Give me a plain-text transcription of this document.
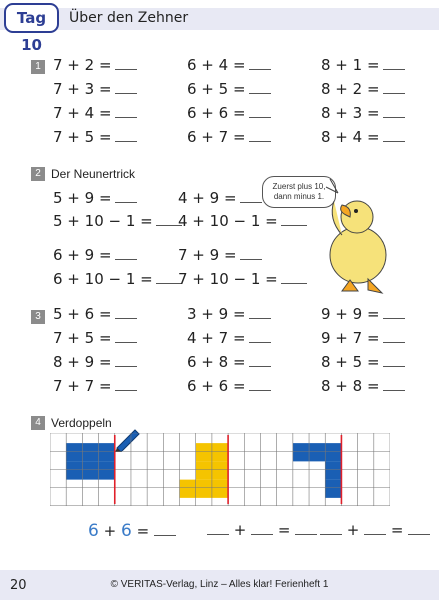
Tag 10
Über den Zehner
1 7 + 2 =
7 + 3 =
7 + 4 =
7 + 5 =
6 + 4 =
6 + 5 =
6 + 6 =
6 + 7 =
8 + 1 =
8 + 2 =
8 + 3 =
8 + 4 =
2 Der Neunertrick
5 + 9 =	4 + 9 =
5 + 10 − 1 =	4 + 10 − 1 =
6 + 9 =	7 + 9 =
6 + 10 − 1 =	7 + 10 − 1 =
Zuerst plus 10, dann minus 1.
3 5 + 6 =
7 + 5 =
8 + 9 =
7 + 7 =
3 + 9 =
4 + 7 =
6 + 8 =
6 + 6 =
9 + 9 =
9 + 7 =
8 + 5 =
8 + 8 =
4 Verdoppeln
6 + 6 =	+ =	+ =
20	© VERITAS-Verlag, Linz – Alles klar! Ferienheft 1
